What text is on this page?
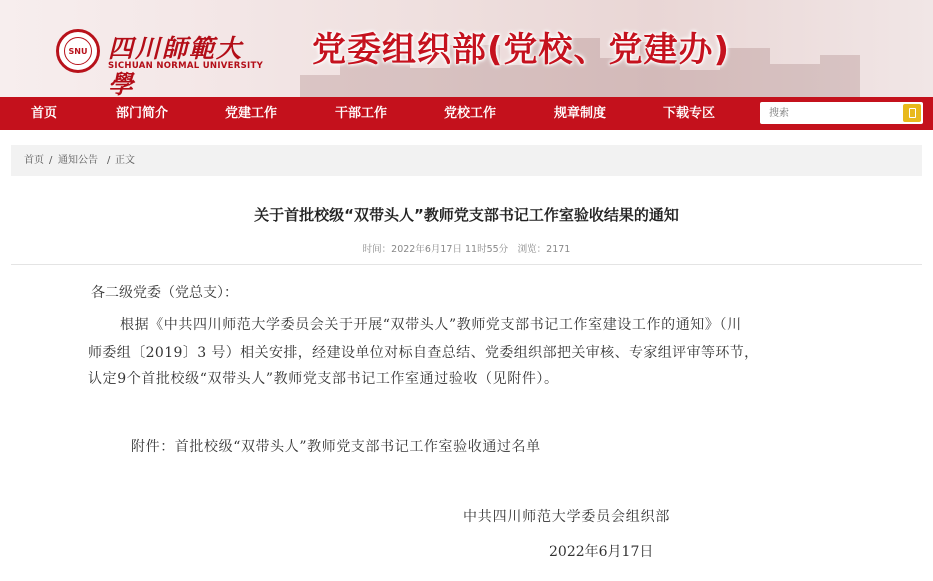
SNU 四川師範大學
SICHUAN NORMAL UNIVERSITY 党委组织部(党校、党建办)
首页	部门简介	党建工作	干部工作	党校工作	规章制度	下载专区
搜索
首页 / 通知公告 / 正文
关于首批校级“双带头人”教师党支部书记工作室验收结果的通知
时间：2022年6月17日 11时55分　浏览：2171
各二级党委（党总支）：
根据《中共四川师范大学委员会关于开展“双带头人”教师党支部书记工作室建设工作的通知》（川
师委组〔2019〕3 号）相关安排，经建设单位对标自查总结、党委组织部把关审核、专家组评审等环节，
认定9个首批校级“双带头人”教师党支部书记工作室通过验收（见附件）。
附件：首批校级“双带头人”教师党支部书记工作室验收通过名单
中共四川师范大学委员会组织部
2022年6月17日
